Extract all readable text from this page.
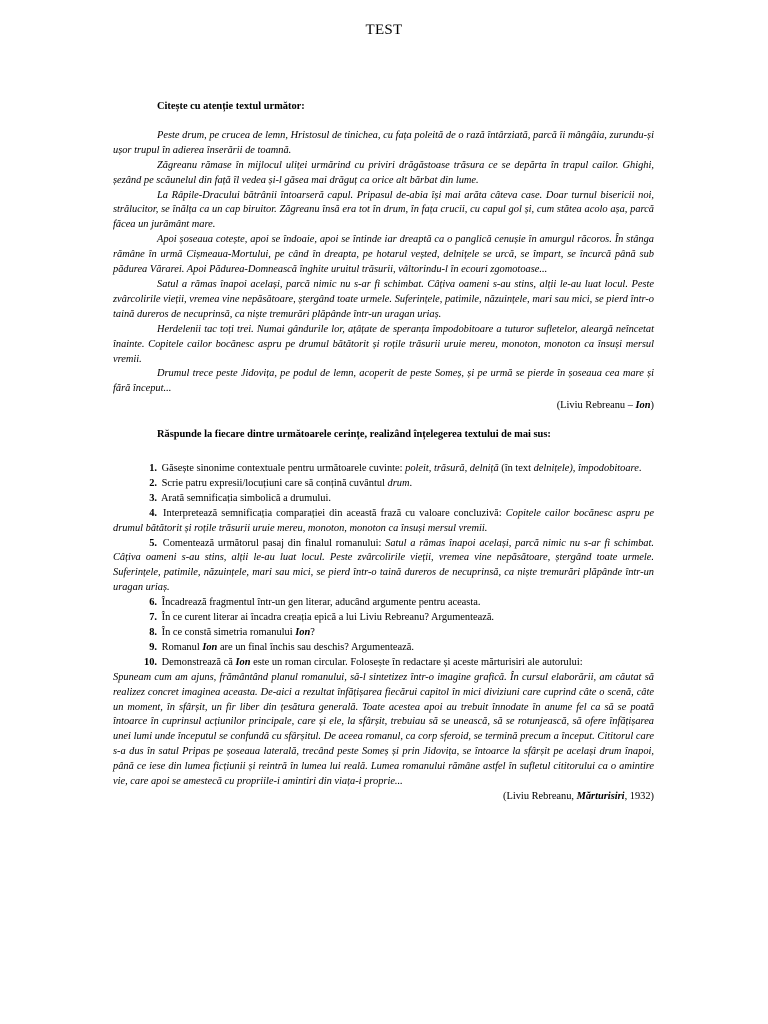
TEST
Citește cu atenție textul următor:

Peste drum, pe crucea de lemn, Hristosul de tinichea, cu fața poleită de o rază întârziată, parcă îi mângâia, zurundu-și ușor trupul în adierea înserării de toamnă.

Zăgreanu rămase în mijlocul uliței urmărind cu priviri drăgăstoase trăsura ce se depărta în trapul cailor. Ghighi, șezând pe scăunelul din față îl vedea și-l găsea mai drăguț ca orice alt bărbat din lume.

La Râpile-Dracului bătrânii întoarseră capul. Pripasul de-abia își mai arăta câteva case. Doar turnul bisericii noi, strălucitor, se înălța ca un cap biruitor. Zăgreanu însă era tot în drum, în fața crucii, cu capul gol și, cum stătea acolo așa, parcă făcea un jurământ mare.

Apoi șoseaua cotește, apoi se îndoaie, apoi se întinde iar dreaptă ca o panglică cenușie în amurgul răcoros. În stânga rămâne în urmă Cișmeaua-Mortului, pe când în dreapta, pe hotarul veșted, delnițele se urcă, se împart, se încurcă până sub pădurea Vărarei. Apoi Pădurea-Domnească înghite uruitul trăsurii, vâltorindu-l în ecouri zgomotoase...

Satul a rămas înapoi același, parcă nimic nu s-ar fi schimbat. Câțiva oameni s-au stins, alții le-au luat locul. Peste zvârcolirile vieții, vremea vine nepăsătoare, ștergând toate urmele. Suferințele, patimile, năzuințele, mari sau mici, se pierd într-o taină dureros de necuprinsă, ca niște tremurări plăpânde într-un uragan uriaș.

Herdelenii tac toți trei. Numai gândurile lor, ațâțate de speranța împodobitoare a tuturor sufletelor, aleargă neîncetat înainte. Copitele cailor bocănesc aspru pe drumul bătătorit și roțile trăsurii uruie mereu, monoton, monoton ca însuși mersul vremii.

Drumul trece peste Jidovița, pe podul de lemn, acoperit de peste Someș, și pe urmă se pierde în șoseaua cea mare și fără început...

(Liviu Rebreanu – Ion)
Răspunde la fiecare dintre următoarele cerințe, realizând înțelegerea textului de mai sus:

1. Găsește sinonime contextuale pentru următoarele cuvinte: poleit, trăsură, delniță (în text delnițele), împodobitoare.

2. Scrie patru expresii/locuțiuni care să conțină cuvântul drum.

3. Arată semnificația simbolică a drumului.

4. Interpretează semnificația comparației din această frază cu valoare concluzivă: Copitele cailor bocănesc aspru pe drumul bătătorit și roțile trăsurii uruie mereu, monoton, monoton ca însuși mersul vremii.

5. Comentează următorul pasaj din finalul romanului: Satul a rămas înapoi același, parcă nimic nu s-ar fi schimbat. Câțiva oameni s-au stins, alții le-au luat locul. Peste zvârcolirile vieții, vremea vine nepăsătoare, ștergând toate urmele. Suferințele, patimile, năzuințele, mari sau mici, se pierd într-o taină dureros de necuprinsă, ca niște tremurări plăpânde într-un uragan uriaș.

6. Încadrează fragmentul într-un gen literar, aducând argumente pentru aceasta.

7. În ce curent literar ai încadra creația epică a lui Liviu Rebreanu? Argumentează.

8. În ce constă simetria romanului Ion?

9. Romanul Ion are un final închis sau deschis? Argumentează.

10. Demonstrează că Ion este un roman circular. Folosește în redactare și aceste mărturisiri ale autorului:

Spuneam cum am ajuns, frământând planul romanului, să-l sintetizez într-o imagine grafică. În cursul elaborării, am căutat să realizez concret imaginea aceasta. De-aici a rezultat înfățișarea fiecărui capitol în mici diviziuni care cuprind câte o scenă, câte un moment, în sfârșit, un fir liber din țesătura generală. Toate acestea apoi au trebuit înnodate în anume fel ca să se poată întoarce în cuprinsul acțiunilor principale, care și ele, la sfârșit, trebuiau să se unească, să se rotunjească, să ofere înfățișarea unei lumi unde începutul se confundă cu sfârșitul. De aceea romanul, ca corp sferoid, se termină precum a început. Cititorul care s-a dus în satul Pripas pe șoseaua laterală, trecând peste Someș și prin Jidovița, se întoarce la sfârșit pe același drum înapoi, până ce iese din lumea ficțiunii și reintră în lumea lui reală. Lumea romanului rămâne astfel în sufletul cititorului ca o amintire vie, care apoi se amestecă cu propriile-i amintiri din viața-i proprie...

(Liviu Rebreanu, Mărturisiri, 1932)
